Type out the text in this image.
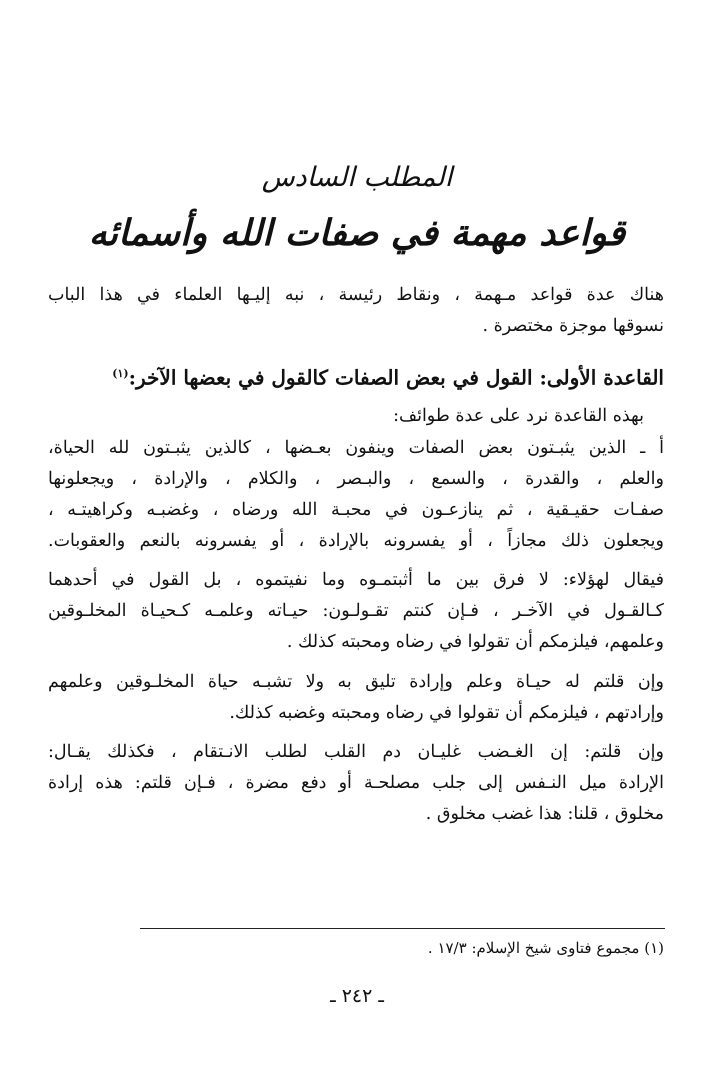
المطلب السادس
قواعد مهمة في صفات الله وأسمائه
هناك عدة قواعد مـهمة ، ونقاط رئيسة ، نبه إليـها العلماء في هذا الباب
نسوقها موجزة مختصرة .
القاعدة الأولى: القول في بعض الصفات كالقول في بعضها الآخر:$^{(١)}$
بهذه القاعدة نرد على عدة طوائف:
أ ـ الذين يثبـتون بعض الصفات وينفون بعـضها ، كالذين يثبـتون لله الحياة،
والعلم ، والقدرة ، والسمع ، والبـصر ، والكلام ، والإرادة ، ويجعلونها
صفـات حقيـقية ، ثم ينازعـون في محبـة الله ورضاه ، وغضبـه وكراهيتـه ،
ويجعلون ذلك مجازاً ، أو يفسرونه بالإرادة ، أو يفسرونه بالنعم والعقوبات.
فيقال لهؤلاء: لا فرق بين ما أثبتمـوه وما نفيتموه ، بل القول في أحدهما
كـالقـول في الآخـر ، فـإن كنتم تقـولـون: حيـاته وعلمـه كـحيـاة المخلـوقين
وعلمهم، فيلزمكم أن تقولوا في رضاه ومحبته كذلك .
وإن قلتم له حيـاة وعلم وإرادة تليق به ولا تشبـه حياة المخلـوقين وعلمهم
وإرادتهم ، فيلزمكم أن تقولوا في رضاه ومحبته وغضبه كذلك.
وإن قلتم: إن الغـضب غليـان دم القلب لطلب الانـتقام ، فكذلك يقـال:
الإرادة ميل النـفس إلى جلب مصلحـة أو دفع مضرة ، فـإن قلتم: هذه إرادة
مخلوق ، قلنا: هذا غضب مخلوق .
(١) مجموع فتاوى شيخ الإسلام: ١٧/٣ .
ـ ٢٤٢ ـ
